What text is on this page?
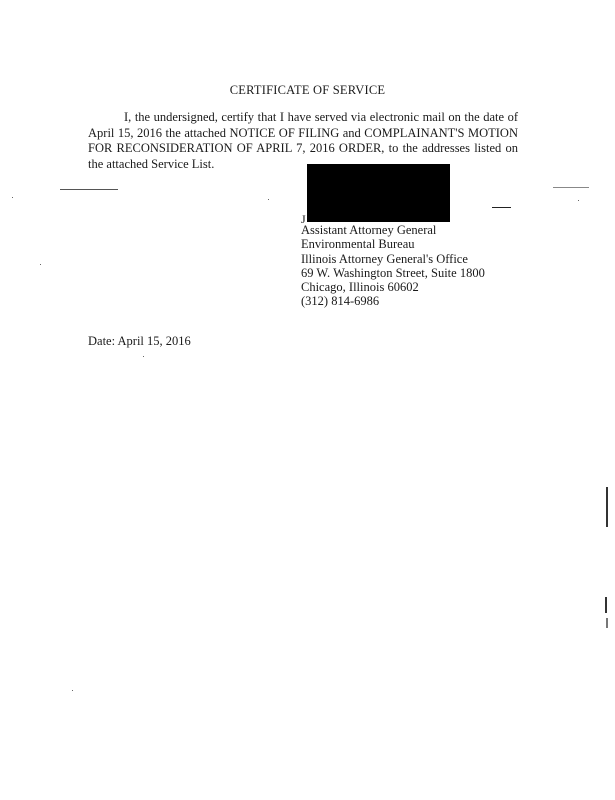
CERTIFICATE OF SERVICE

I, the undersigned, certify that I have served via electronic mail on the date of April 15, 2016 the attached NOTICE OF FILING and COMPLAINANT'S MOTION FOR RECONSIDERATION OF APRIL 7, 2016 ORDER, to the addresses listed on the attached Service List.

J
Assistant Attorney General
Environmental Bureau
Illinois Attorney General's Office
69 W. Washington Street, Suite 1800
Chicago, Illinois 60602
(312) 814-6986
Date: April 15, 2016
